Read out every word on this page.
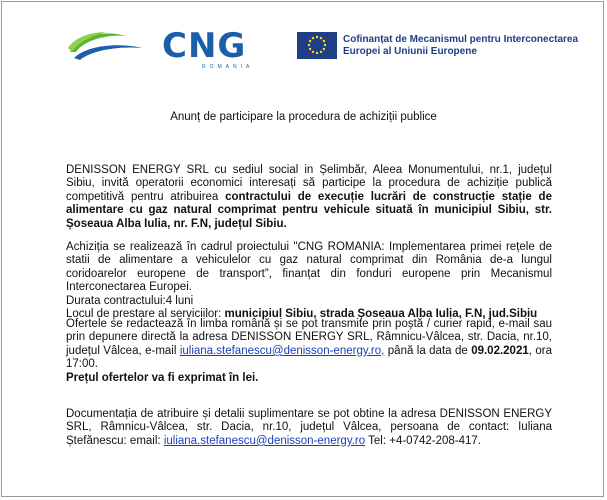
CNG
ROMANIA
Cofinanțat de Mecanismul pentru Interconectarea
Europei al Uniunii Europene
Anunț de participare la procedura de achiziții publice
DENISSON ENERGY SRL cu sediul social in Șelimbăr, Aleea Monumentului, nr.1, județul Sibiu, invită operatorii economici interesați să participe la procedura de achiziție publică competitivă pentru atribuirea contractului de execuție lucrări de construcție stație de alimentare cu gaz natural comprimat pentru vehicule situată în municipiul Sibiu, str. Șoseaua Alba Iulia, nr. F.N, județul Sibiu.
Achiziția se realizează în cadrul proiectului "CNG ROMANIA: Implementarea primei rețele de statii de alimentare a vehiculelor cu gaz natural comprimat din România de-a lungul coridoarelor europene de transport”, finanțat din fonduri europene prin Mecanismul Interconectarea Europei.
Durata contractului:4 luni
Locul de prestare al serviciilor: municipiul Sibiu, strada Șoseaua Alba Iulia, F.N, jud.Sibiu
Ofertele se redactează în limba română și se pot transmite prin poștă / curier rapid, e-mail sau prin depunere directă la adresa DENISSON ENERGY SRL, Râmnicu-Vâlcea, str. Dacia, nr.10, județul Vâlcea, e-mail iuliana.stefanescu@denisson-energy.ro, până la data de 09.02.2021, ora 17:00.
Prețul ofertelor va fi exprimat în lei.
Documentația de atribuire și detalii suplimentare se pot obtine la adresa DENISSON ENERGY SRL, Râmnicu-Vâlcea, str. Dacia, nr.10, județul Vâlcea, persoana de contact: Iuliana Ștefănescu: email: iuliana.stefanescu@denisson-energy.ro Tel: +4-0742-208-417.
